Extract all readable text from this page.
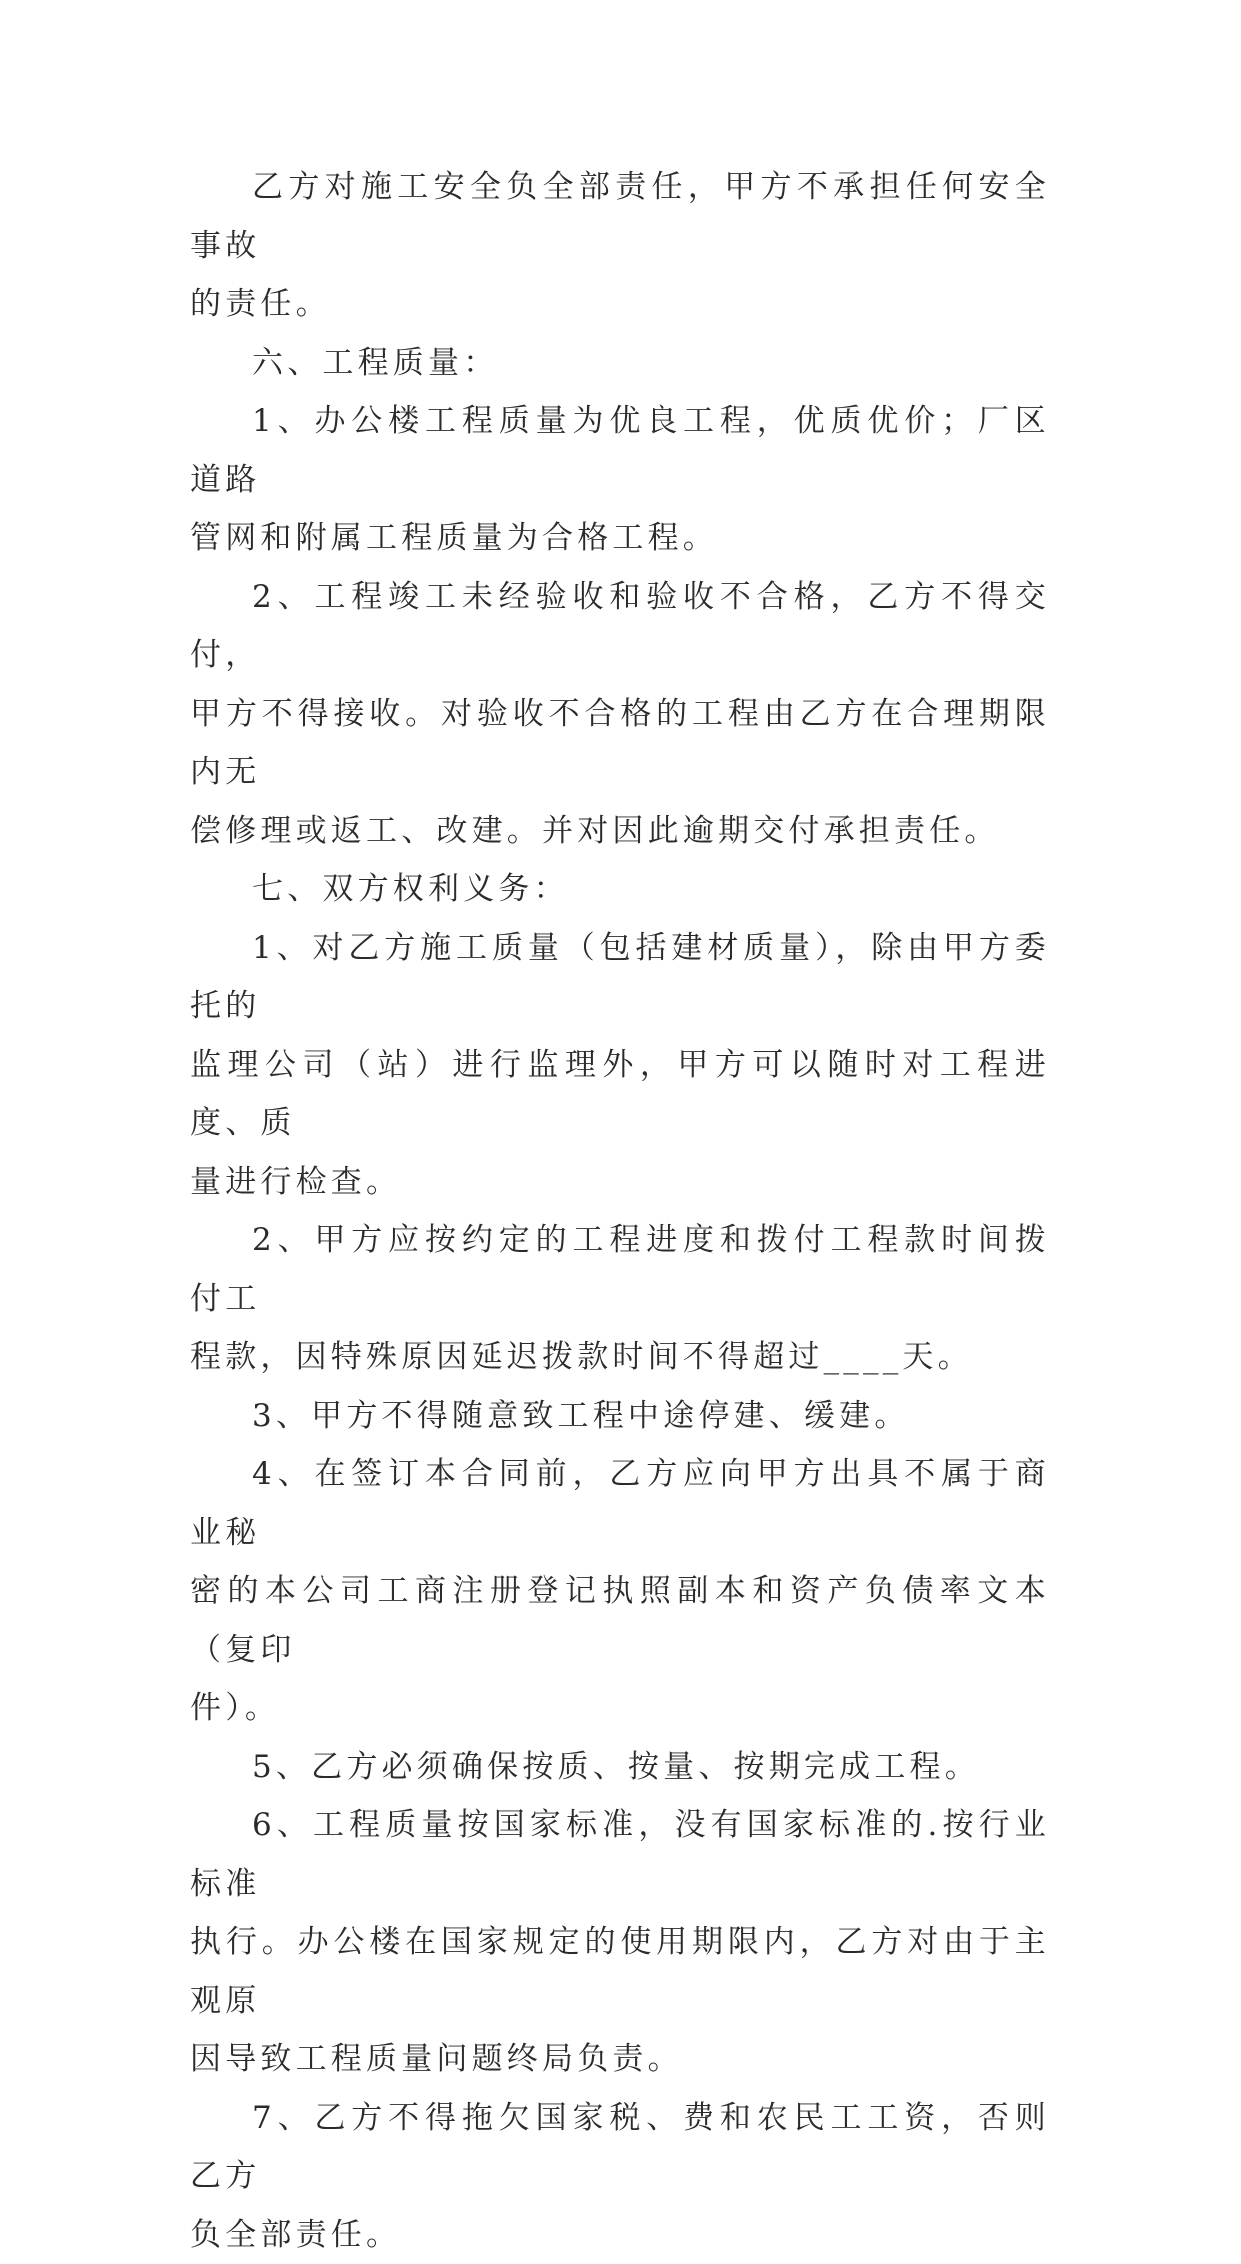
乙方对施工安全负全部责任，甲方不承担任何安全事故
的责任。

六、工程质量：

1、办公楼工程质量为优良工程，优质优价；厂区道路
管网和附属工程质量为合格工程。

2、工程竣工未经验收和验收不合格，乙方不得交付，
甲方不得接收。对验收不合格的工程由乙方在合理期限内无
偿修理或返工、改建。并对因此逾期交付承担责任。

七、双方权利义务：

1、对乙方施工质量（包括建材质量），除由甲方委托的
监理公司（站）进行监理外，甲方可以随时对工程进度、质
量进行检查。

2、甲方应按约定的工程进度和拨付工程款时间拨付工
程款，因特殊原因延迟拨款时间不得超过____天。

3、甲方不得随意致工程中途停建、缓建。

4、在签订本合同前，乙方应向甲方出具不属于商业秘
密的本公司工商注册登记执照副本和资产负债率文本（复印
件）。

5、乙方必须确保按质、按量、按期完成工程。

6、工程质量按国家标准，没有国家标准的.按行业标准
执行。办公楼在国家规定的使用期限内，乙方对由于主观原
因导致工程质量问题终局负责。

7、乙方不得拖欠国家税、费和农民工工资，否则乙方
负全部责任。
